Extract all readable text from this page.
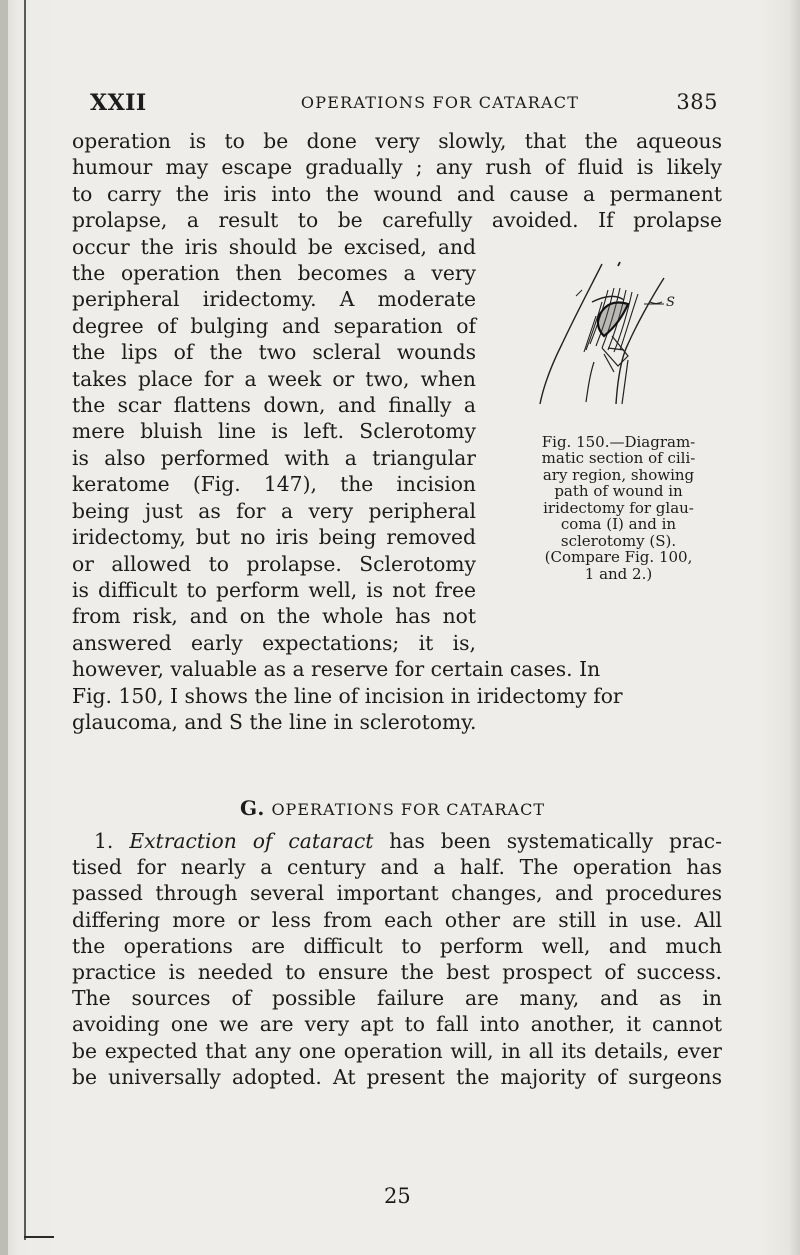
XXII	OPERATIONS FOR CATARACT	385
operation is to be done very slowly, that the aqueous
humour may escape gradually ; any rush of fluid is likely
to carry the iris into the wound and cause a permanent
prolapse, a result to be carefully avoided. If prolapse
S
Fig. 150.—Diagram-
matic section of cili-
ary region, showing
path of wound in
iridectomy for glau-
coma (I) and in
sclerotomy (S).
(Compare Fig. 100,
1 and 2.)
occur the iris should be excised, and
the operation then becomes a very
peripheral iridectomy. A moderate
degree of bulging and separation of
the lips of the two scleral wounds
takes place for a week or two, when
the scar flattens down, and finally a
mere bluish line is left. Sclerotomy
is also performed with a triangular
keratome (Fig. 147), the incision
being just as for a very peripheral
iridectomy, but no iris being removed
or allowed to prolapse. Sclerotomy
is difficult to perform well, is not free
from risk, and on the whole has not
answered early expectations; it is,
however, valuable as a reserve for certain cases. In
Fig. 150, I shows the line of incision in iridectomy for
glaucoma, and S the line in sclerotomy.
G. OPERATIONS FOR CATARACT
1. Extraction of cataract has been systematically prac-
tised for nearly a century and a half. The operation has
passed through several important changes, and procedures
differing more or less from each other are still in use. All
the operations are difficult to perform well, and much
practice is needed to ensure the best prospect of success.
The sources of possible failure are many, and as in
avoiding one we are very apt to fall into another, it cannot
be expected that any one operation will, in all its details, ever
be universally adopted. At present the majority of surgeons
25
